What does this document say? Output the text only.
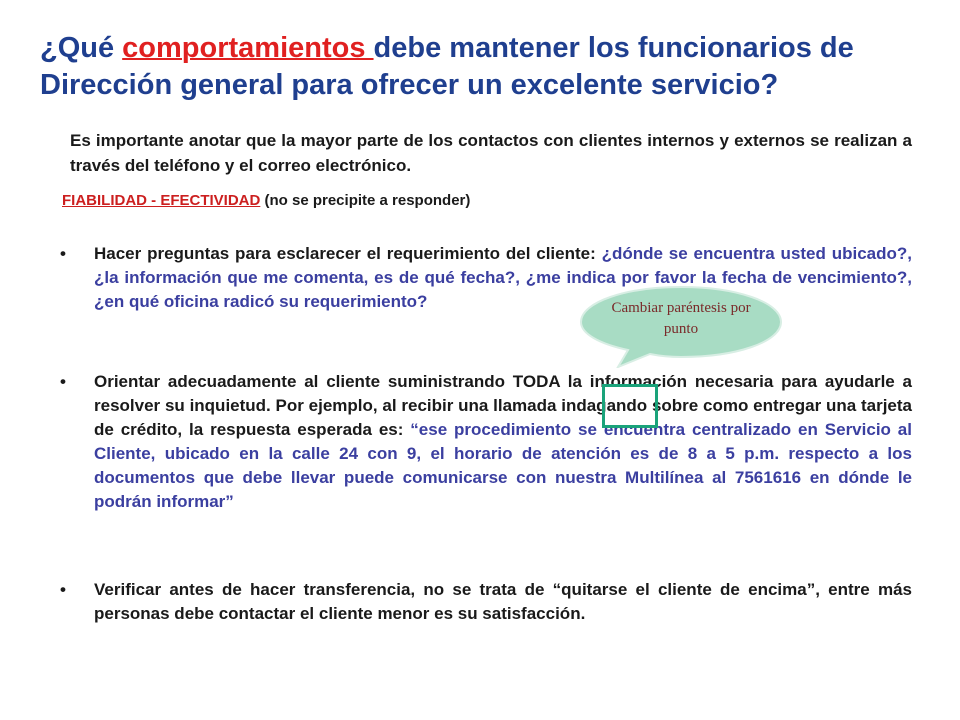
¿Qué comportamientos debe mantener los funcionarios de Dirección general para ofrecer un excelente servicio?
Es importante anotar que la mayor parte de los contactos con clientes internos y externos se realizan a través del teléfono y el correo electrónico.
FIABILIDAD - EFECTIVIDAD (no se precipite a responder)
• Hacer preguntas para esclarecer el requerimiento del cliente: ¿dónde se encuentra usted ubicado?, ¿la información que me comenta, es de qué fecha?, ¿me indica por favor la fecha de vencimiento?, ¿en qué oficina radicó su requerimiento?
• Orientar adecuadamente al cliente suministrando TODA la información necesaria para ayudarle a resolver su inquietud. Por ejemplo, al recibir una llamada indagando sobre como entregar una tarjeta de crédito, la respuesta esperada es: “ese procedimiento se encuentra centralizado en Servicio al Cliente, ubicado en la calle 24 con 9, el horario de atención es de 8 a 5 p.m. respecto a los documentos que debe llevar puede comunicarse con nuestra Multilínea al 7561616 en dónde le podrán informar”
• Verificar antes de hacer transferencia, no se trata de “quitarse el cliente de encima”, entre más personas debe contactar el cliente menor es su satisfacción.
Cambiar paréntesis por punto
